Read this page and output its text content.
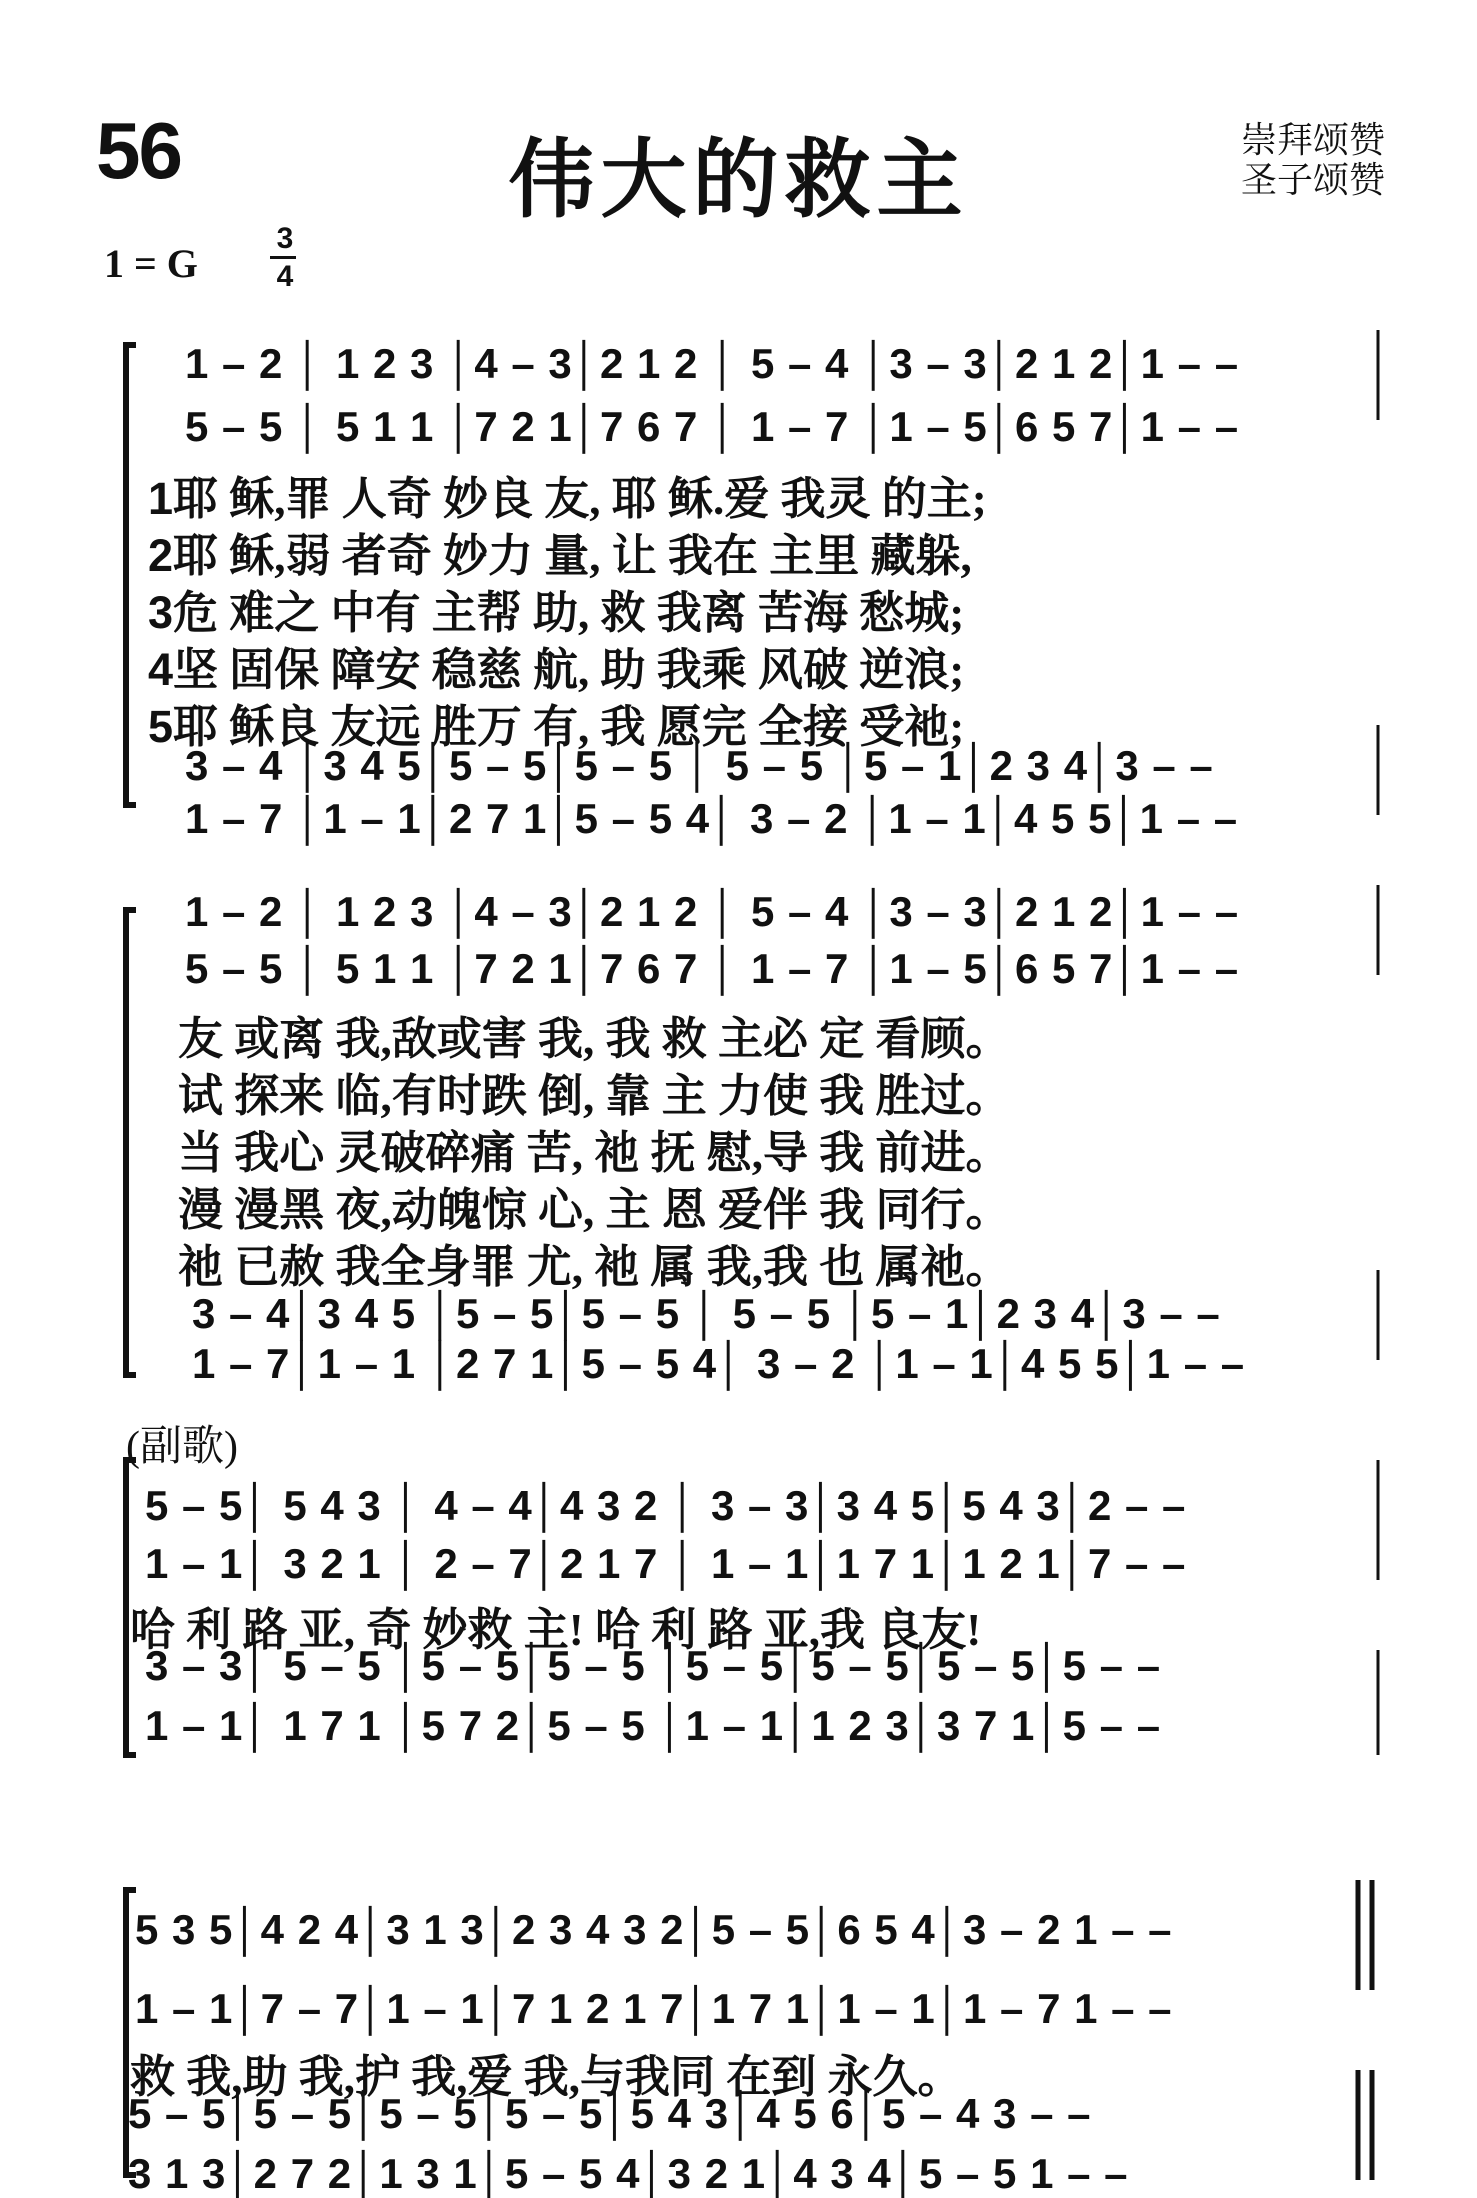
56	伟大的救主	崇拜颂赞
圣子颂赞
1 = G
3
4
1 – 2 │ 1 2 3 │4 – 3│2 1 2 │ 5 – 4 │3 – 3│2 1 2│1 – –
5 – 5 │ 5 1 1 │7 2 1│7 6 7 │ 1 – 7 │1 – 5│6 5 7│1 – –
1耶 稣,罪 人奇 妙良 友, 耶 稣.爱 我灵 的主;
2耶 稣,弱 者奇 妙力 量, 让 我在 主里 藏躲,
3危 难之 中有 主帮 助, 救 我离 苦海 愁城;
4坚 固保 障安 稳慈 航, 助 我乘 风破 逆浪;
5耶 稣良 友远 胜万 有, 我 愿完 全接 受祂;
3 – 4 │3 4 5│5 – 5│5 – 5 │ 5 – 5 │5 – 1│2 3 4│3 – –
1 – 7 │1 – 1│2 7 1│5 – 5 4│ 3 – 2 │1 – 1│4 5 5│1 – –
1 – 2 │ 1 2 3 │4 – 3│2 1 2 │ 5 – 4 │3 – 3│2 1 2│1 – –
5 – 5 │ 5 1 1 │7 2 1│7 6 7 │ 1 – 7 │1 – 5│6 5 7│1 – –
友 或离 我,敌或害 我, 我 救 主必 定 看顾。
试 探来 临,有时跌 倒, 靠 主 力使 我 胜过。
当 我心 灵破碎痛 苦, 祂 抚 慰,导 我 前进。
漫 漫黑 夜,动魄惊 心, 主 恩 爱伴 我 同行。
祂 已赦 我全身罪 尤, 祂 属 我,我 也 属祂。
3 – 4│3 4 5 │5 – 5│5 – 5 │ 5 – 5 │5 – 1│2 3 4│3 – –
1 – 7│1 – 1 │2 7 1│5 – 5 4│ 3 – 2 │1 – 1│4 5 5│1 – –
(副歌)
5 – 5│ 5 4 3 │ 4 – 4│4 3 2 │ 3 – 3│3 4 5│5 4 3│2 – –
1 – 1│ 3 2 1 │ 2 – 7│2 1 7 │ 1 – 1│1 7 1│1 2 1│7 – –
哈 利 路 亚, 奇 妙救 主! 哈 利 路 亚,我 良友!
3 – 3│ 5 – 5 │5 – 5│5 – 5 │5 – 5│5 – 5│5 – 5│5 – –
1 – 1│ 1 7 1 │5 7 2│5 – 5 │1 – 1│1 2 3│3 7 1│5 – –
5 3 5│4 2 4│3 1 3│2 3 4 3 2│5 – 5│6 5 4│3 – 2 1 – –
1 – 1│7 – 7│1 – 1│7 1 2 1 7│1 7 1│1 – 1│1 – 7 1 – –
救 我,助 我,护 我,爱 我,与我同 在到 永久。
5 – 5│5 – 5│5 – 5│5 – 5│5 4 3│4 5 6│5 – 4 3 – –
3 1 3│2 7 2│1 3 1│5 – 5 4│3 2 1│4 3 4│5 – 5 1 – –
